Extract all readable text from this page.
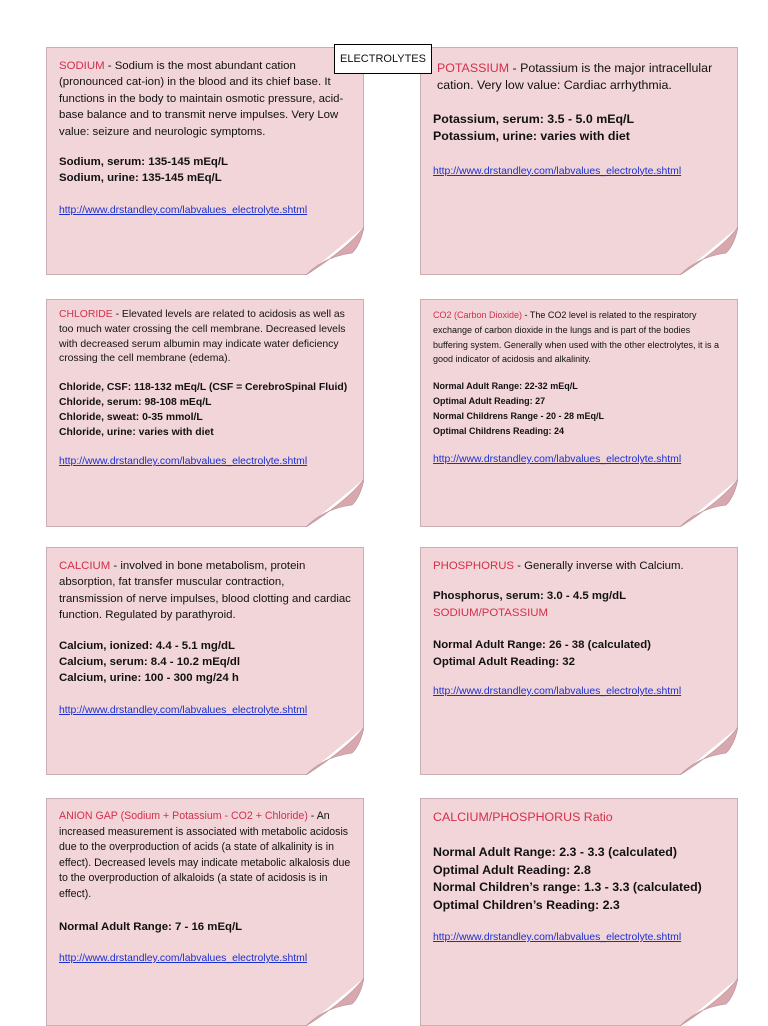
ELECTROLYTES

SODIUM - Sodium is the most abundant cation (pronounced cat-ion) in the blood and its chief base. It functions in the body to maintain osmotic pressure, acid-base balance and to transmit nerve impulses. Very Low value: seizure and neurologic symptoms.

Sodium, serum: 135-145 mEq/L
Sodium, urine: 135-145 mEq/L
http://www.drstandley.com/labvalues_electrolyte.shtml

POTASSIUM - Potassium is the major intracellular cation. Very low value: Cardiac arrhythmia.

Potassium, serum: 3.5 - 5.0 mEq/L
Potassium, urine: varies with diet
http://www.drstandley.com/labvalues_electrolyte.shtml

CHLORIDE - Elevated levels are related to acidosis as well as too much water crossing the cell membrane. Decreased levels with decreased serum albumin may indicate water deficiency crossing the cell membrane (edema).

Chloride, CSF: 118-132 mEq/L (CSF = CerebroSpinal Fluid)
Chloride, serum: 98-108 mEq/L
Chloride, sweat: 0-35 mmol/L
Chloride, urine: varies with diet
http://www.drstandley.com/labvalues_electrolyte.shtml

CO2 (Carbon Dioxide) - The CO2 level is related to the respiratory exchange of carbon dioxide in the lungs and is part of the bodies buffering system. Generally when used with the other electrolytes, it is a good indicator of acidosis and alkalinity.

Normal Adult Range: 22-32 mEq/L
Optimal Adult Reading: 27
Normal Childrens Range - 20 - 28 mEq/L
Optimal Childrens Reading: 24
http://www.drstandley.com/labvalues_electrolyte.shtml

CALCIUM - involved in bone metabolism, protein absorption, fat transfer muscular contraction, transmission of nerve impulses, blood clotting and cardiac function. Regulated by parathyroid.

Calcium, ionized: 4.4 - 5.1 mg/dL
Calcium, serum: 8.4 - 10.2 mEq/dl
Calcium, urine: 100 - 300 mg/24 h
http://www.drstandley.com/labvalues_electrolyte.shtml

PHOSPHORUS - Generally inverse with Calcium.

Phosphorus, serum: 3.0 - 4.5 mg/dL

SODIUM/POTASSIUM

Normal Adult Range: 26 - 38 (calculated)
Optimal Adult Reading: 32
http://www.drstandley.com/labvalues_electrolyte.shtml

ANION GAP (Sodium + Potassium - CO2 + Chloride) - An increased measurement is associated with metabolic acidosis due to the overproduction of acids (a state of alkalinity is in effect). Decreased levels may indicate metabolic alkalosis due to the overproduction of alkaloids (a state of acidosis is in effect).

Normal Adult Range: 7 - 16 mEq/L
http://www.drstandley.com/labvalues_electrolyte.shtml

CALCIUM/PHOSPHORUS Ratio

Normal Adult Range: 2.3 - 3.3 (calculated)
Optimal Adult Reading: 2.8
Normal Children’s range: 1.3 - 3.3 (calculated)
Optimal Children’s Reading: 2.3
http://www.drstandley.com/labvalues_electrolyte.shtml
